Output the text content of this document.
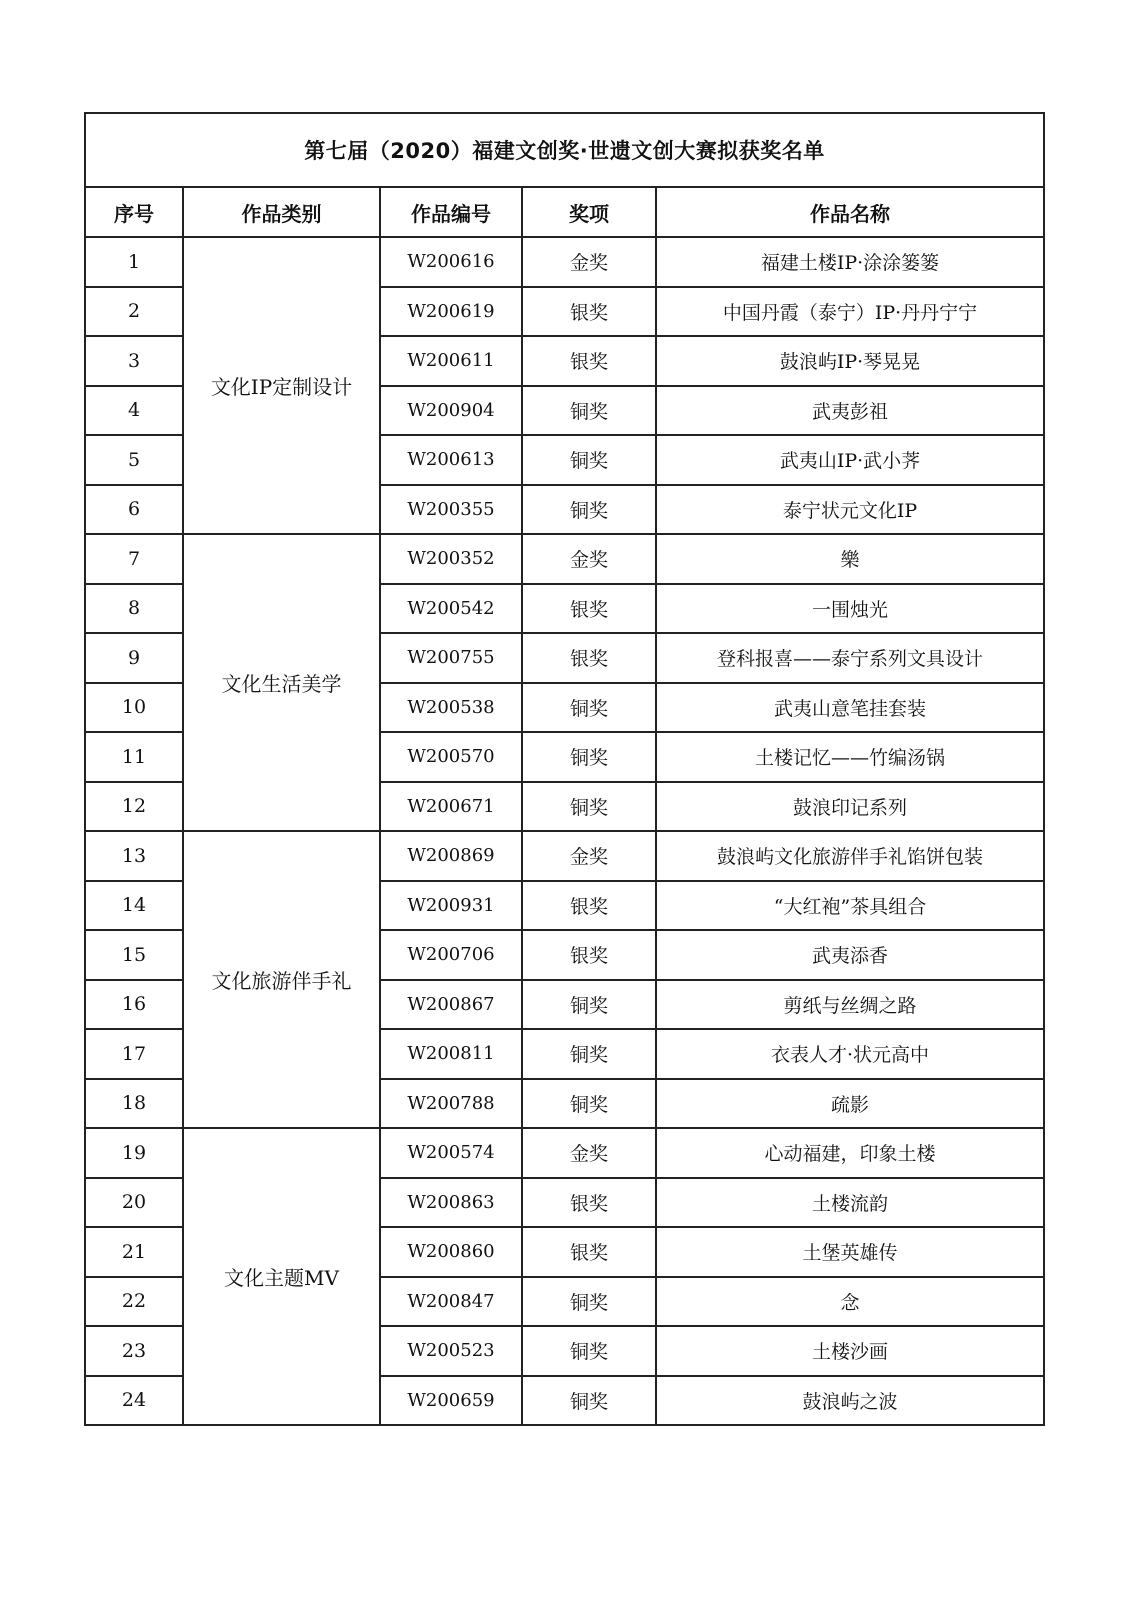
第七届（2020）福建文创奖·世遗文创大赛拟获奖名单				
序号	作品类别	作品编号	奖项	作品名称
1	文化IP定制设计	W200616	金奖	福建土楼IP·涂涂篓篓
2		W200619	银奖	中国丹霞（泰宁）IP·丹丹宁宁
3		W200611	银奖	鼓浪屿IP·琴晃晃
4		W200904	铜奖	武夷彭祖
5		W200613	铜奖	武夷山IP·武小荠
6		W200355	铜奖	泰宁状元文化IP
7	文化生活美学	W200352	金奖	樂
8		W200542	银奖	一围烛光
9		W200755	银奖	登科报喜——泰宁系列文具设计
10		W200538	铜奖	武夷山意笔挂套装
11		W200570	铜奖	土楼记忆——竹编汤锅
12		W200671	铜奖	鼓浪印记系列
13	文化旅游伴手礼	W200869	金奖	鼓浪屿文化旅游伴手礼馅饼包装
14		W200931	银奖	“大红袍”茶具组合
15		W200706	银奖	武夷添香
16		W200867	铜奖	剪纸与丝绸之路
17		W200811	铜奖	衣表人才·状元高中
18		W200788	铜奖	疏影
19	文化主题MV	W200574	金奖	心动福建，印象土楼
20		W200863	银奖	土楼流韵
21		W200860	银奖	土堡英雄传
22		W200847	铜奖	念
23		W200523	铜奖	土楼沙画
24		W200659	铜奖	鼓浪屿之波
